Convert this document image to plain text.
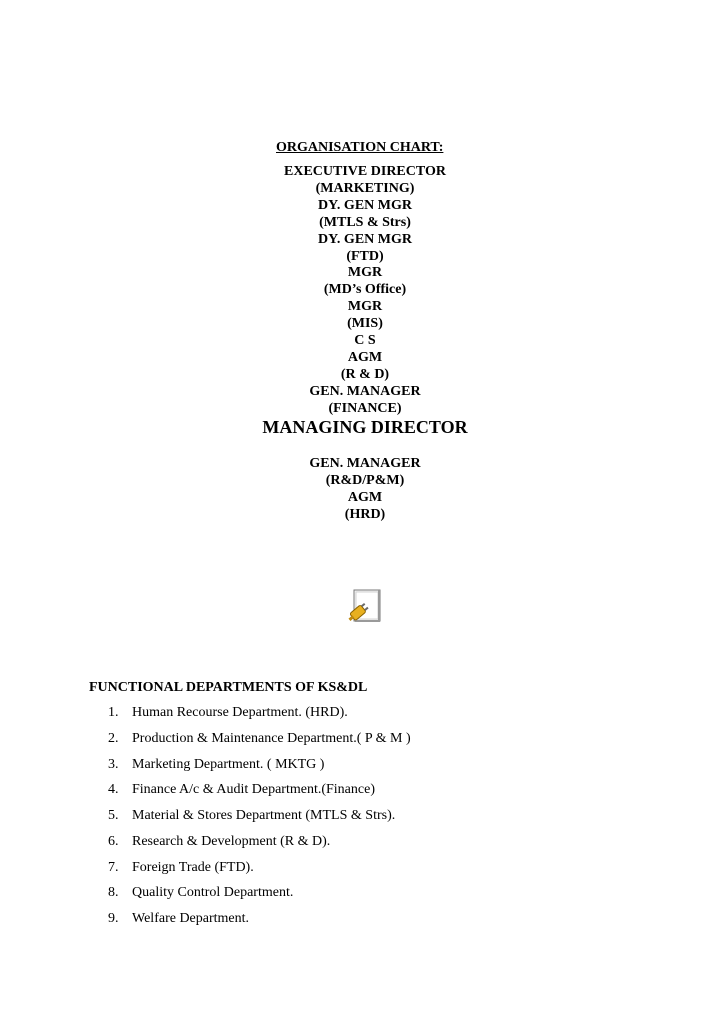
ORGANISATION CHART:
EXECUTIVE DIRECTOR
(MARKETING)
DY. GEN MGR
(MTLS & Strs)
DY. GEN MGR
(FTD)
MGR
(MD’s Office)
MGR
(MIS)
C S
AGM
(R & D)
GEN. MANAGER
(FINANCE)
MANAGING DIRECTOR
GEN. MANAGER
(R&D/P&M)
AGM
(HRD)
FUNCTIONAL DEPARTMENTS OF KS&DL
1. Human Recourse Department. (HRD).
2. Production & Maintenance Department.( P & M )
3. Marketing Department. ( MKTG )
4. Finance A/c & Audit Department.(Finance)
5. Material & Stores Department (MTLS & Strs).
6. Research & Development (R & D).
7. Foreign Trade (FTD).
8. Quality Control Department.
9. Welfare Department.
